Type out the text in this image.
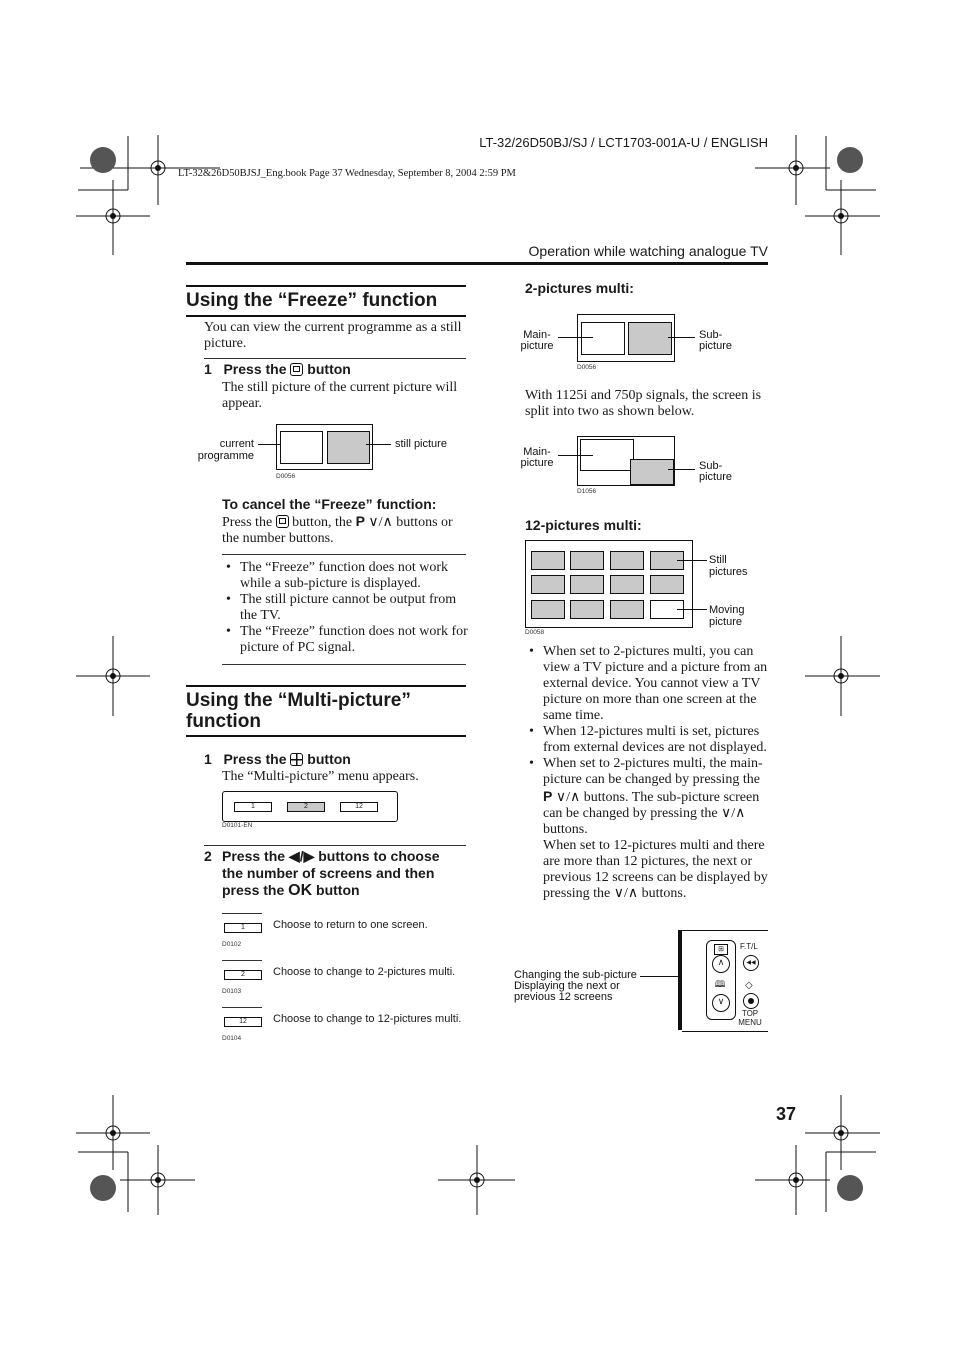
LT-32/26D50BJ/SJ / LCT1703-001A-U / ENGLISH
LT-32&26D50BJSJ_Eng.book Page 37 Wednesday, September 8, 2004 2:59 PM
Operation while watching analogue TV
Using the “Freeze” function
You can view the current programme as a still picture.
1 Press the button
The still picture of the current picture will appear.
current programme
still picture
D0056
To cancel the “Freeze” function:
Press the button, the P ∨/∧ buttons or the number buttons.
• The “Freeze” function does not work while a sub-picture is displayed.
• The still picture cannot be output from the TV.
• The “Freeze” function does not work for picture of PC signal.
Using the “Multi-picture”
function
1 Press the button
The “Multi-picture” menu appears.
1	2	12
D0101-EN
2 Press the ◀/▶ buttons to choose
the number of screens and then
press the OK button
1
D0102
Choose to return to one screen.
2
D0103
Choose to change to 2-pictures multi.
12
D0104
Choose to change to 12-pictures multi.
2-pictures multi:
Main-
picture
Sub-
picture
D0056
With 1125i and 750p signals, the screen is split into two as shown below.
Main-
picture	Sub-
picture
D1056
12-pictures multi:
Still
pictures
Moving
picture
D0058
• When set to 2-pictures multi, you can view a TV picture and a picture from an external device. You cannot view a TV picture on more than one screen at the same time.
• When 12-pictures multi is set, pictures from external devices are not displayed.
• When set to 2-pictures multi, the main-picture can be changed by pressing the P ∨/∧ buttons. The sub-picture screen can be changed by pressing the ∨/∧ buttons.
When set to 12-pictures multi and there are more than 12 pictures, the next or previous 12 screens can be displayed by pressing the ∨/∧ buttons.
Changing the sub-picture
Displaying the next or
previous 12 screens
⊞
∧
🕮
∨
F.T/L
◀◀
◇
TOP
MENU
37
